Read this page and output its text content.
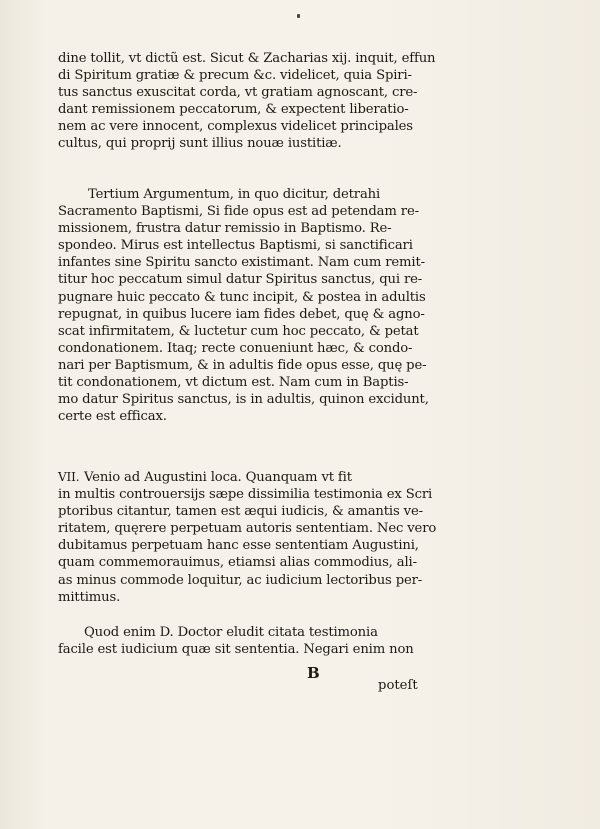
dine tollit, vt dictũ est. Sicut & Zacharias xij. inquit, effun
di Spiritum gratiæ & precum &c. videlicet, quia Spiri-
tus sanctus exuscitat corda, vt gratiam agnoscant, cre-
dant remissionem peccatorum, & expectent liberatio-
nem ac vere innocent, complexus videlicet principales
cultus, qui proprij sunt illius nouæ iustitiæ.
Tertium Argumentum, in quo dicitur, detrahi
Sacramento Baptismi, Si fide opus est ad petendam re-
missionem, frustra datur remissio in Baptismo. Re-
spondeo. Mirus est intellectus Baptismi, si sanctificari
infantes sine Spiritu sancto existimant. Nam cum remit-
titur hoc peccatum simul datur Spiritus sanctus, qui re-
pugnare huic peccato & tunc incipit, & postea in adultis
repugnat, in quibus lucere iam fides debet, quę & agno-
scat infirmitatem, & luctetur cum hoc peccato, & petat
condonationem. Itaq; recte conueniunt hæc, & condo-
nari per Baptismum, & in adultis fide opus esse, quę pe-
tit condonationem, vt dictum est. Nam cum in Baptis-
mo datur Spiritus sanctus, is in adultis, quinon excidunt,
certe est efficax.
VII. Venio ad Augustini loca. Quanquam vt fit
in multis controuersijs sæpe dissimilia testimonia ex Scri
ptoribus citantur, tamen est æqui iudicis, & amantis ve-
ritatem, quęrere perpetuam autoris sententiam. Nec vero
dubitamus perpetuam hanc esse sententiam Augustini,
quam commemorauimus, etiamsi alias commodius, ali-
as minus commode loquitur, ac iudicium lectoribus per-
mittimus.
Quod enim D. Doctor eludit citata testimonia
facile est iudicium quæ sit sententia. Negari enim non
B
poteſt
